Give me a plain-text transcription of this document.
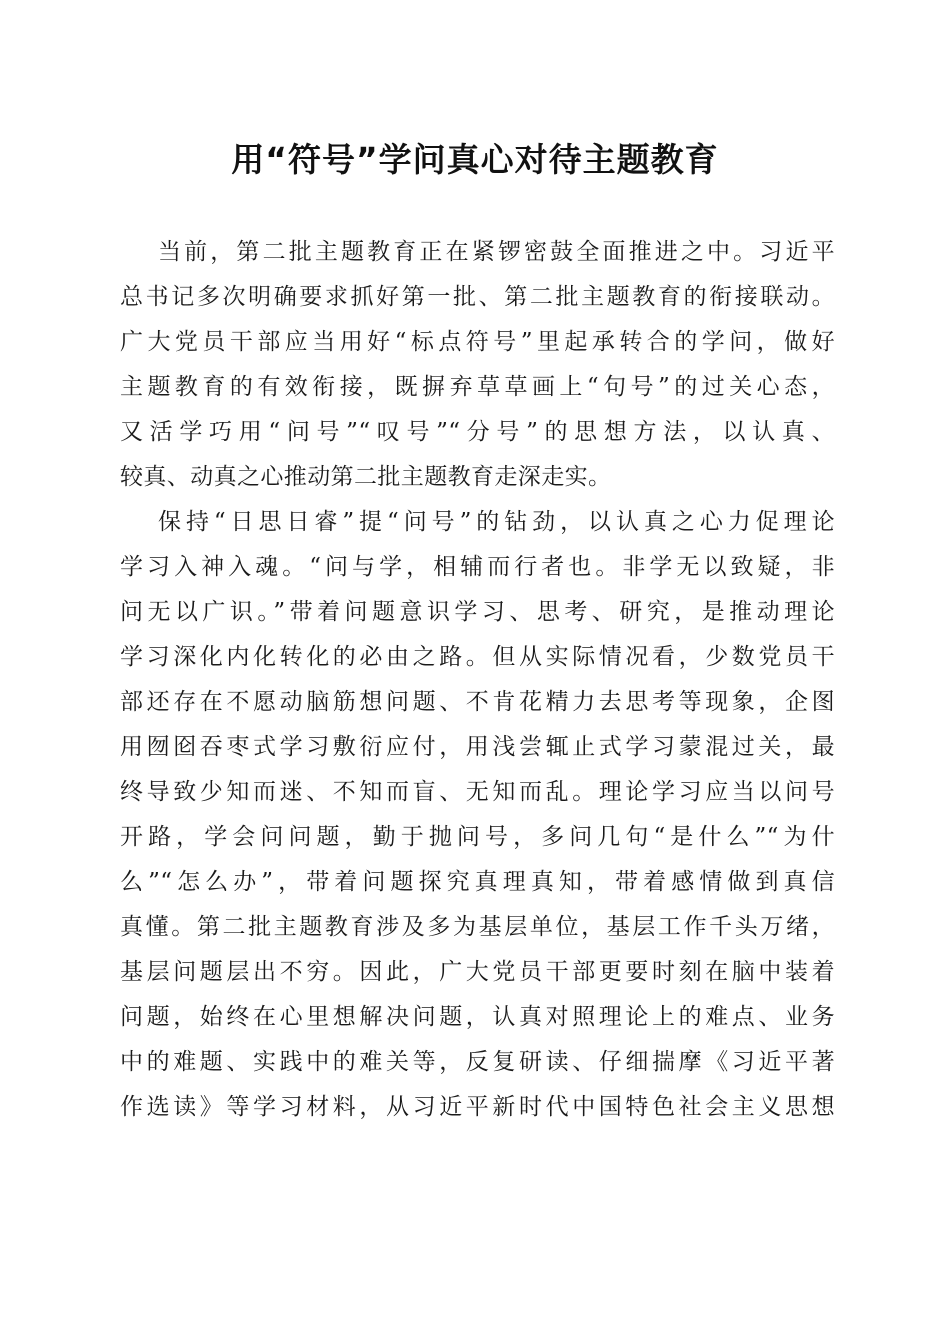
用“符号”学问真心对待主题教育
当前，第二批主题教育正在紧锣密鼓全面推进之中。习近平
总书记多次明确要求抓好第一批、第二批主题教育的衔接联动。
广大党员干部应当用好“标点符号”里起承转合的学问，做好
主题教育的有效衔接，既摒弃草草画上“句号”的过关心态，
又活学巧用“问号”“叹号”“分号”的思想方法，以认真、
较真、动真之心推动第二批主题教育走深走实。
保持“日思日睿”提“问号”的钻劲，以认真之心力促理论
学习入神入魂。“问与学，相辅而行者也。非学无以致疑，非
问无以广识。”带着问题意识学习、思考、研究，是推动理论
学习深化内化转化的必由之路。但从实际情况看，少数党员干
部还存在不愿动脑筋想问题、不肯花精力去思考等现象，企图
用囫囵吞枣式学习敷衍应付，用浅尝辄止式学习蒙混过关，最
终导致少知而迷、不知而盲、无知而乱。理论学习应当以问号
开路，学会问问题，勤于抛问号，多问几句“是什么”“为什
么”“怎么办”，带着问题探究真理真知，带着感情做到真信
真懂。第二批主题教育涉及多为基层单位，基层工作千头万绪，
基层问题层出不穷。因此，广大党员干部更要时刻在脑中装着
问题，始终在心里想解决问题，认真对照理论上的难点、业务
中的难题、实践中的难关等，反复研读、仔细揣摩《习近平著
作选读》等学习材料，从习近平新时代中国特色社会主义思想
